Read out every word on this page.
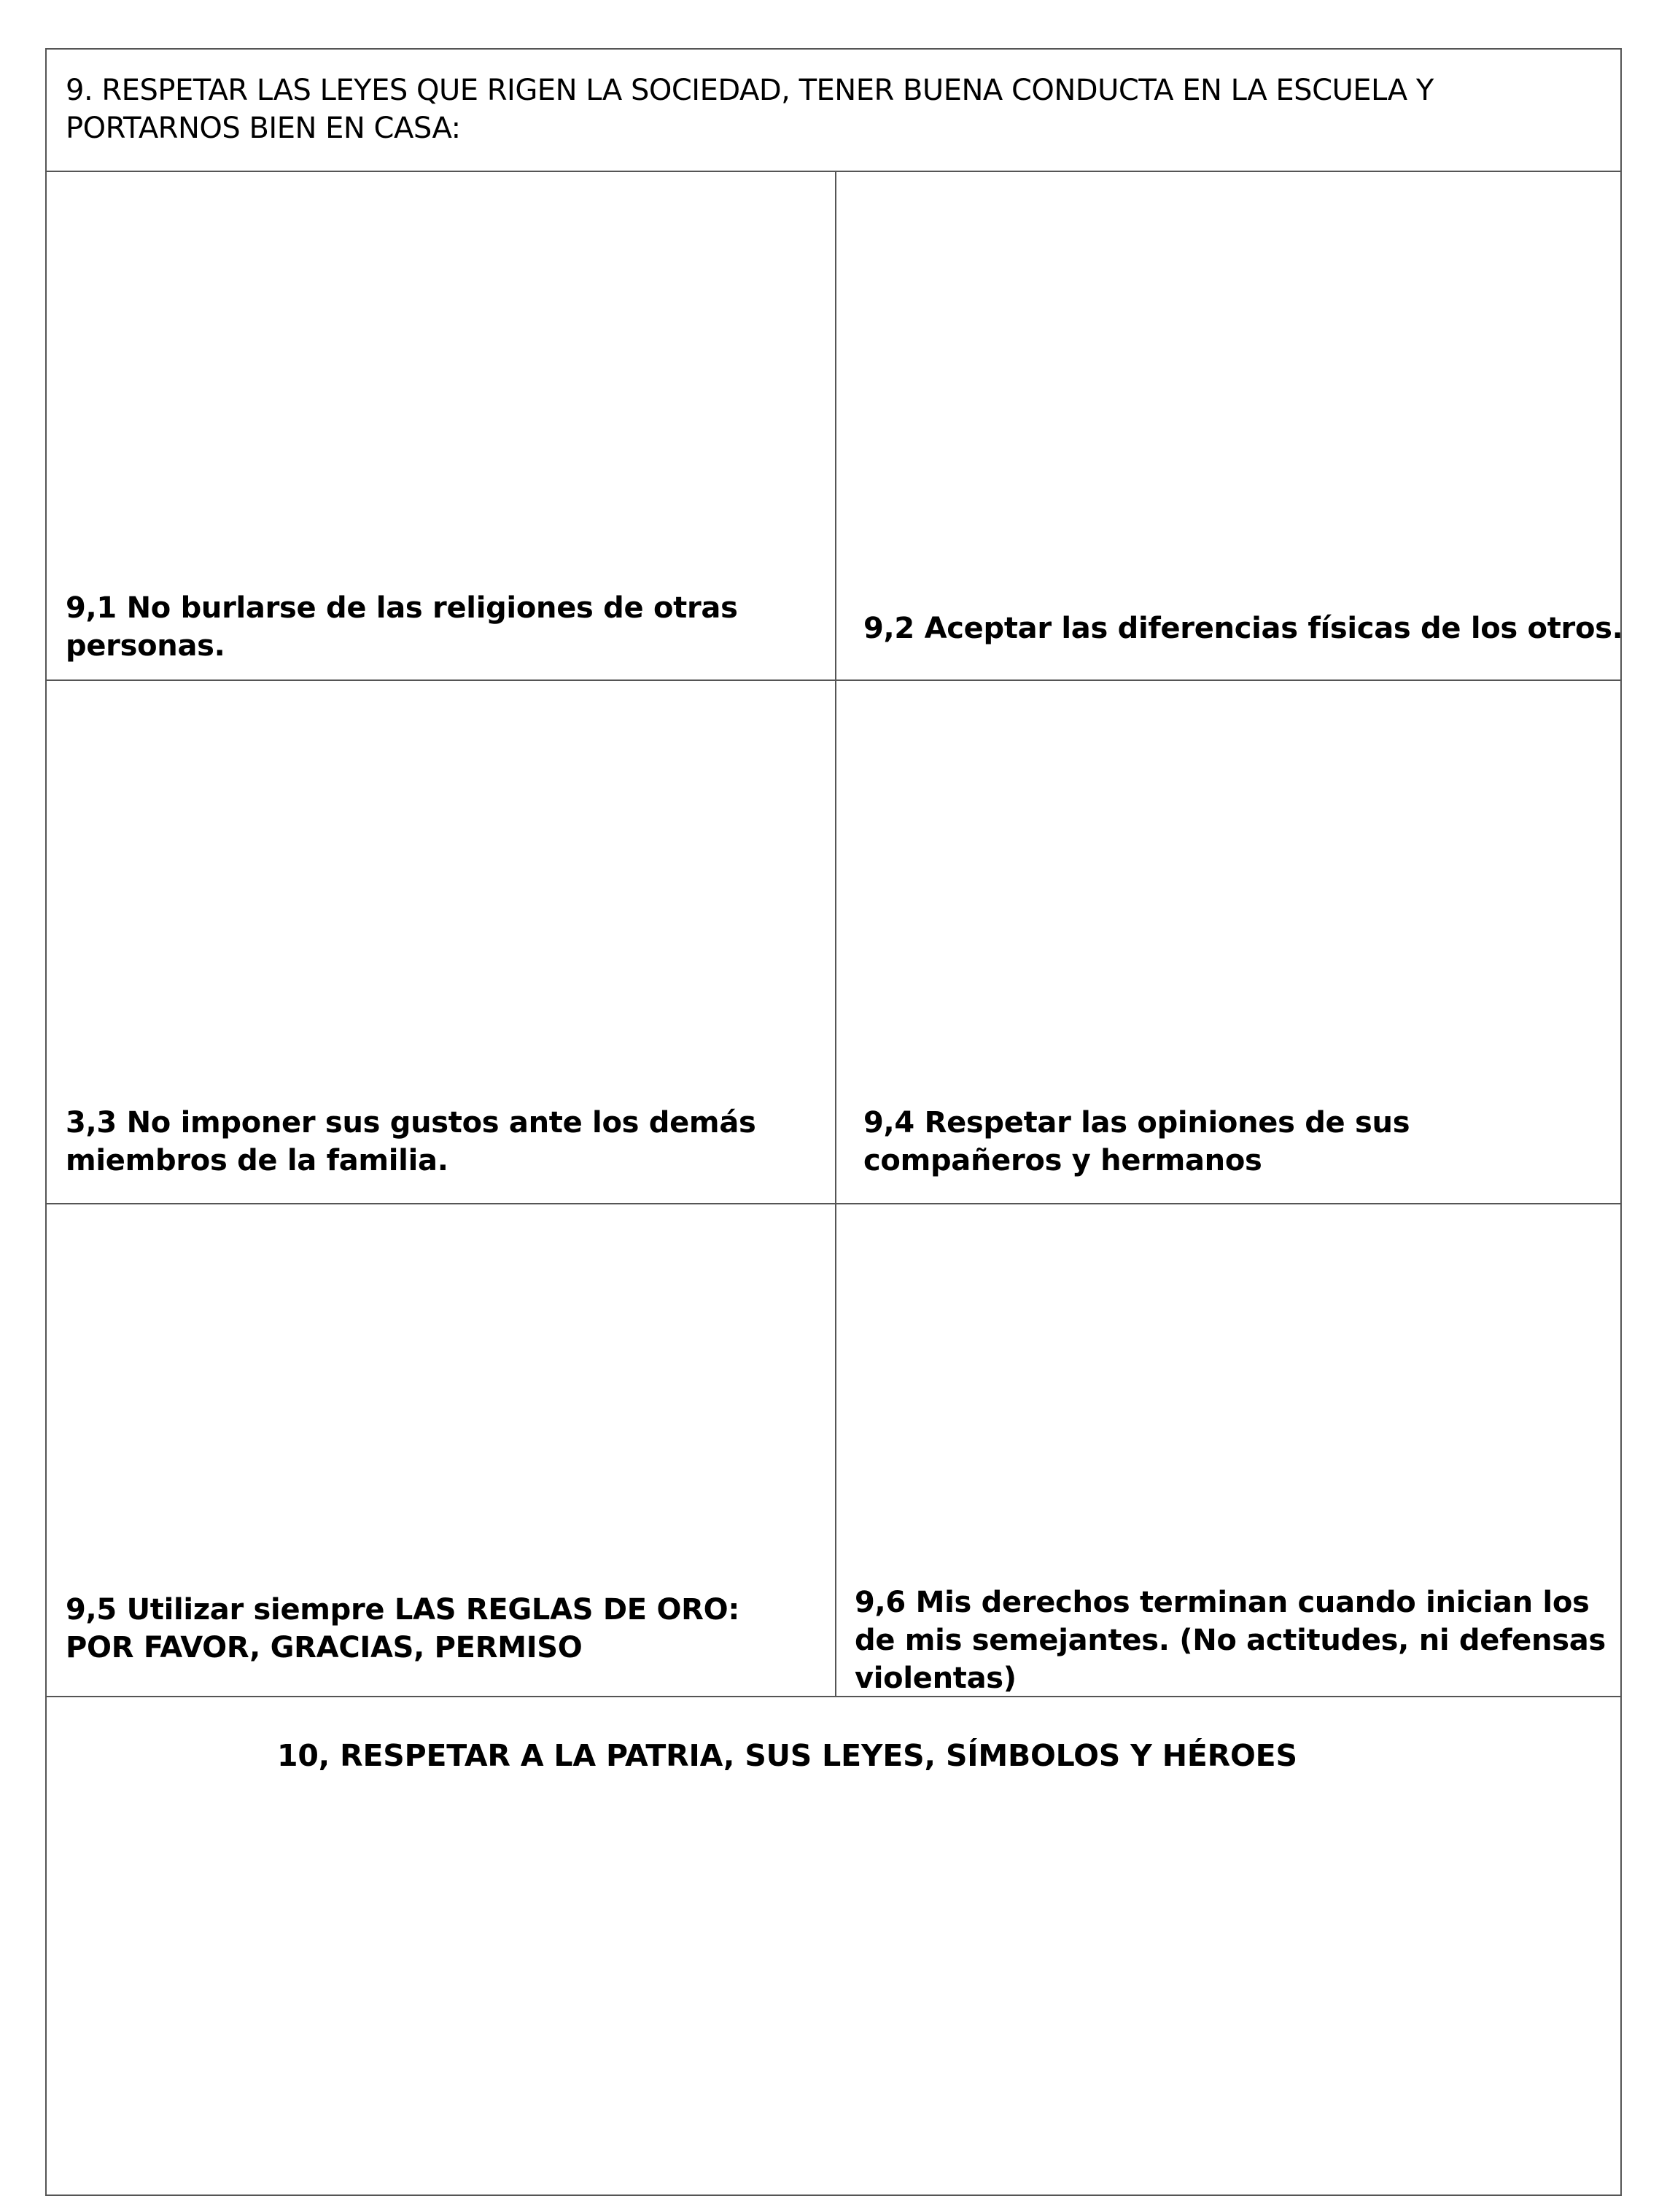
9. RESPETAR LAS LEYES QUE RIGEN LA SOCIEDAD, TENER BUENA CONDUCTA EN LA ESCUELA Y PORTARNOS BIEN EN CASA:
9,1 No burlarse de las religiones de otras personas.
9,2 Aceptar las diferencias físicas de los otros.
3,3 No imponer sus gustos ante los demás miembros de la familia.
9,4 Respetar las opiniones de sus compañeros y hermanos
9,5 Utilizar siempre LAS REGLAS DE ORO: POR FAVOR, GRACIAS, PERMISO
9,6 Mis derechos terminan cuando inician los de mis semejantes. (No actitudes, ni defensas violentas)
10, RESPETAR A LA PATRIA, SUS LEYES, SÍMBOLOS Y HÉROES
